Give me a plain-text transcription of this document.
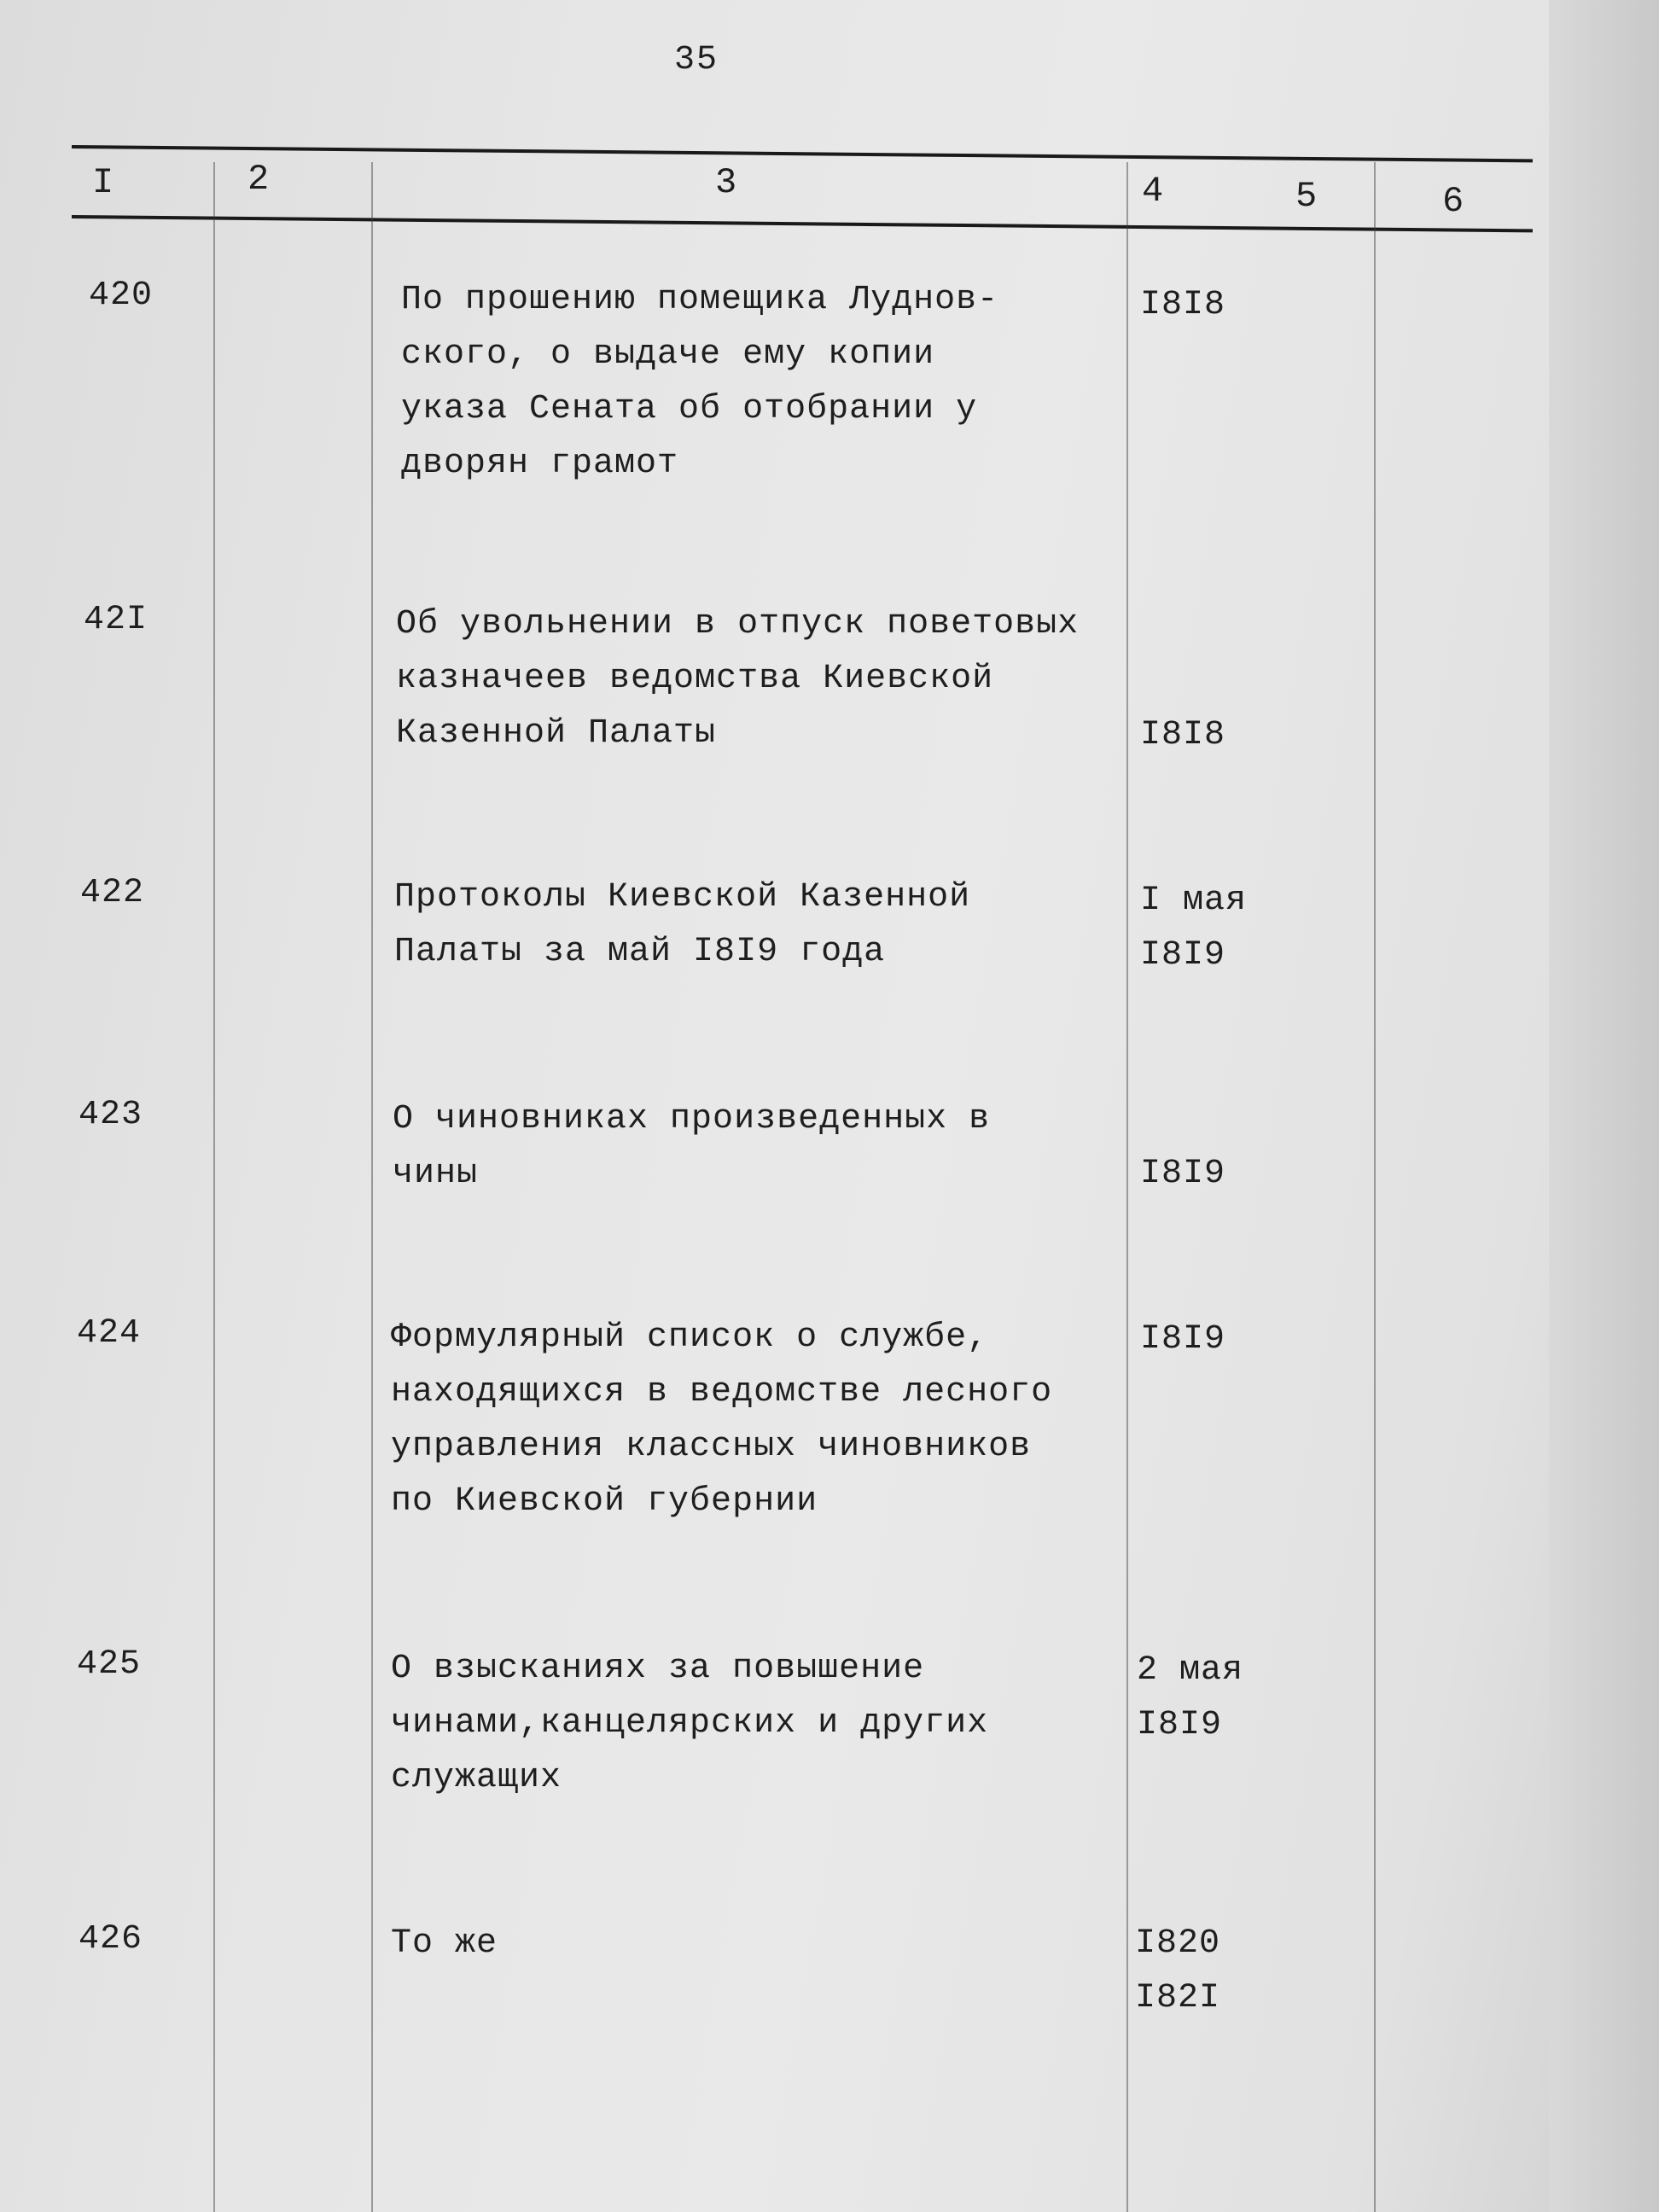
35
I	2	3	4	5	6
420	По прошению помещика Луднов-
ского, о выдаче ему копии
указа Сената об отобрании у
дворян грамот
I8I8
42I	Об увольнении в отпуск поветовых
казначеев ведомства Киевской
Казенной Палаты	

I8I8
422	Протоколы Киевской Казенной
Палаты за май I8I9 года
I мая
I8I9
423	О чиновниках произведенных в
чины	
I8I9
424	Формулярный список о службе,
находящихся в ведомстве лесного
управления классных чиновников
по Киевской губернии
I8I9
425	О взысканиях за повышение
чинами,канцелярских и других
служащих
2 мая
I8I9
426	То же	I820
I82I
